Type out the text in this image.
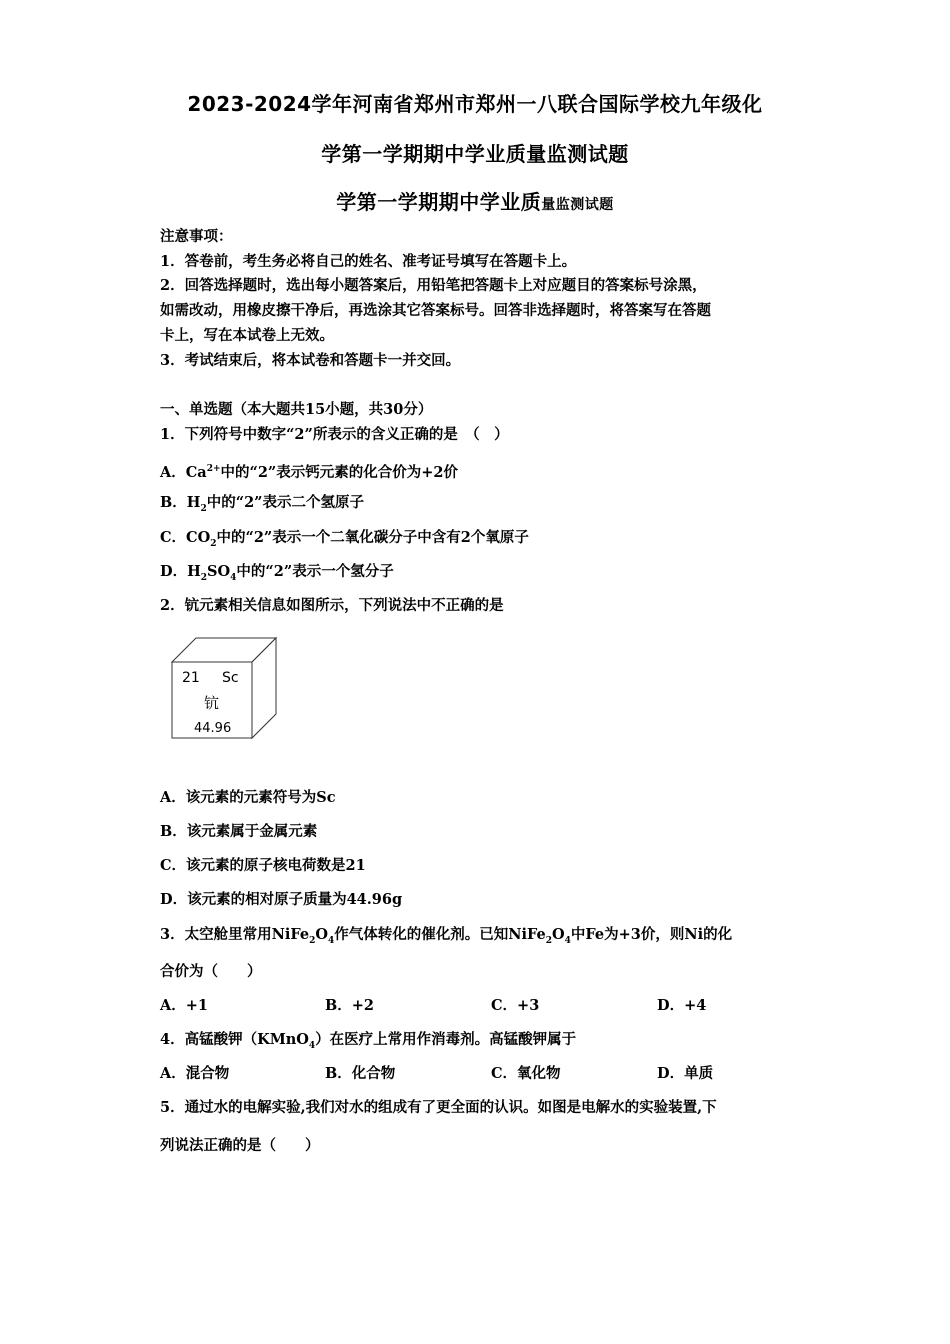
2023-2024学年河南省郑州市郑州一八联合国际学校九年级化
学第一学期期中学业质量监测试题
学第一学期期中学业质量监测试题
注意事项：
1．答卷前，考生务必将自己的姓名、准考证号填写在答题卡上。
2．回答选择题时，选出每小题答案后，用铅笔把答题卡上对应题目的答案标号涂黑，
如需改动，用橡皮擦干净后，再选涂其它答案标号。回答非选择题时，将答案写在答题
卡上，写在本试卷上无效。
3．考试结束后，将本试卷和答题卡一并交回。
一、单选题（本大题共15小题，共30分）
1．下列符号中数字“2”所表示的含义正确的是　（　）
A．$Ca^{2+}$中的“2”表示钙元素的化合价为+2价
B．$H_2$中的“2”表示二个氢原子
C．$CO_2$中的“2”表示一个二氧化碳分子中含有2个氧原子
D．$H_2SO_4$中的“2”表示一个氢分子
2．钪元素相关信息如图所示，下列说法中不正确的是
21 Sc
钪
44.96
A．该元素的元素符号为Sc
B．该元素属于金属元素
C．该元素的原子核电荷数是21
D．该元素的相对原子质量为44.96g
3．太空舱里常用$NiFe_2O_4$作气体转化的催化剂。已知$NiFe_2O_4$中Fe为+3价，则Ni的化
合价为（　　）
A．+1	B．+2	C．+3	D．+4
4．高锰酸钾（KMnO$_4$）在医疗上常用作消毒剂。高锰酸钾属于
A．混合物	B．化合物	C．氧化物	D．单质
5．通过水的电解实验,我们对水的组成有了更全面的认识。如图是电解水的实验装置,下
列说法正确的是（　　）
